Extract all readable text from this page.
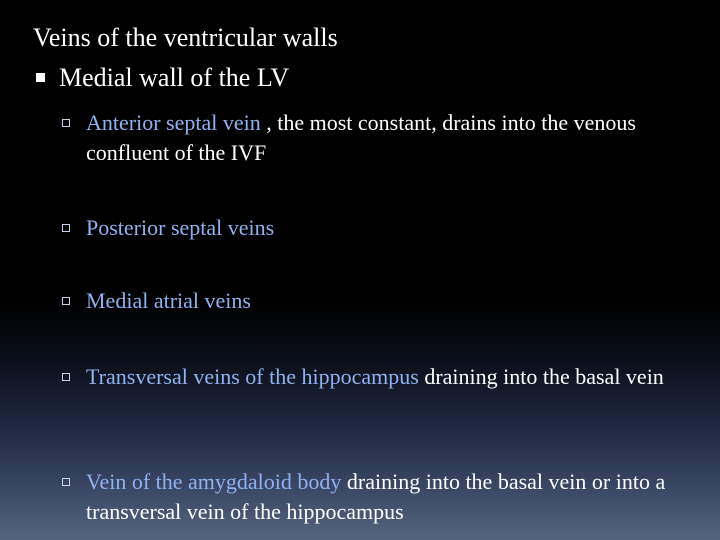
Veins of the ventricular walls
Medial wall of the LV
Anterior septal vein , the most constant, drains into the venous confluent of the IVF
Posterior septal veins
Medial atrial veins
Transversal veins of the hippocampus draining into the basal vein
Vein of the amygdaloid body draining into the basal vein or into a transversal vein of the hippocampus
